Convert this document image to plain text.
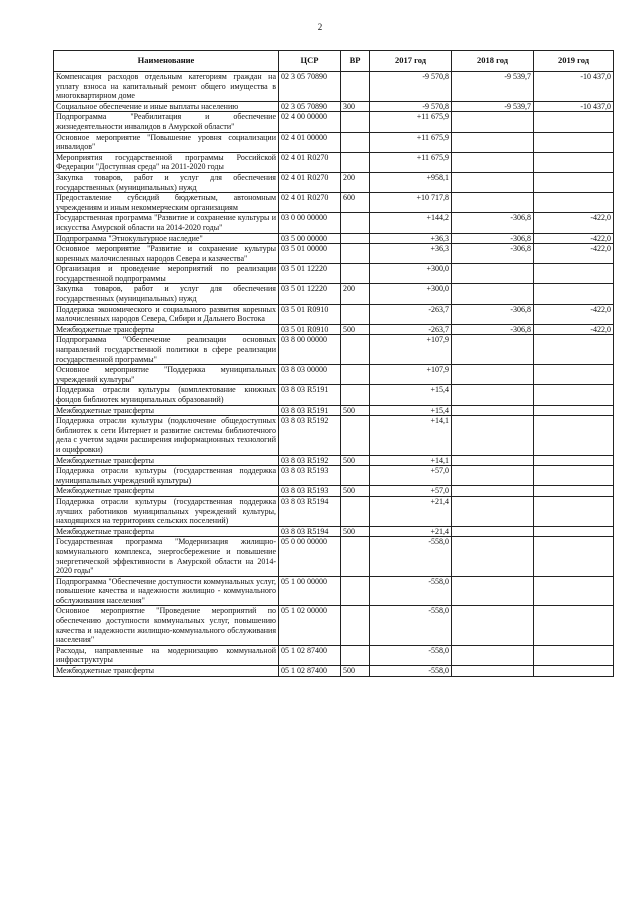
2
Наименование	ЦСР	ВР	2017 год	2018 год	2019 год
Компенсация расходов отдельным категориям граждан на уплату взноса на капитальный ремонт общего имущества в многоквартирном доме	02 3 05 70890		-9 570,8	-9 539,7	-10 437,0
Социальное обеспечение и иные выплаты населению	02 3 05 70890	300	-9 570,8	-9 539,7	-10 437,0
Подпрограмма "Реабилитация и обеспечение жизнедеятельности инвалидов в Амурской области"	02 4 00 00000		+11 675,9		
Основное мероприятие "Повышение уровня социализации инвалидов"	02 4 01 00000		+11 675,9		
Мероприятия государственной программы Российской Федерации "Доступная среда" на 2011-2020 годы	02 4 01 R0270		+11 675,9		
Закупка товаров, работ и услуг для обеспечения государственных (муниципальных) нужд	02 4 01 R0270	200	+958,1		
Предоставление субсидий бюджетным, автономным учреждениям и иным некоммерческим организациям	02 4 01 R0270	600	+10 717,8		
Государственная программа "Развитие и сохранение культуры и искусства Амурской области на 2014-2020 годы"	03 0 00 00000		+144,2	-306,8	-422,0
Подпрограмма "Этнокультурное наследие"	03 5 00 00000		+36,3	-306,8	-422,0
Основное мероприятие "Развитие и сохранение культуры коренных малочисленных народов Севера и казачества"	03 5 01 00000		+36,3	-306,8	-422,0
Организация и проведение мероприятий по реализации государственной подпрограммы	03 5 01 12220		+300,0		
Закупка товаров, работ и услуг для обеспечения государственных (муниципальных) нужд	03 5 01 12220	200	+300,0		
Поддержка экономического и социального развития коренных малочисленных народов Севера, Сибири и Дальнего Востока	03 5 01 R0910		-263,7	-306,8	-422,0
Межбюджетные трансферты	03 5 01 R0910	500	-263,7	-306,8	-422,0
Подпрограмма "Обеспечение реализации основных направлений государственной политики в сфере реализации государственной программы"	03 8 00 00000		+107,9		
Основное мероприятие "Поддержка муниципальных учреждений культуры"	03 8 03 00000		+107,9		
Поддержка отрасли культуры (комплектование книжных фондов библиотек муниципальных образований)	03 8 03 R5191		+15,4		
Межбюджетные трансферты	03 8 03 R5191	500	+15,4		
Поддержка отрасли культуры (подключение общедоступных библиотек к сети Интернет и развитие системы библиотечного дела с учетом задачи расширения информационных технологий и оцифровки)	03 8 03 R5192		+14,1		
Межбюджетные трансферты	03 8 03 R5192	500	+14,1		
Поддержка отрасли культуры (государственная поддержка муниципальных учреждений культуры)	03 8 03 R5193		+57,0		
Межбюджетные трансферты	03 8 03 R5193	500	+57,0		
Поддержка отрасли культуры (государственная поддержка лучших работников муниципальных учреждений культуры, находящихся на территориях сельских поселений)	03 8 03 R5194		+21,4		
Межбюджетные трансферты	03 8 03 R5194	500	+21,4		
Государственная программа "Модернизация жилищно-коммунального комплекса, энергосбережение и повышение энергетической эффективности в Амурской области на 2014-2020 годы"	05 0 00 00000		-558,0		
Подпрограмма "Обеспечение доступности коммунальных услуг, повышение качества и надежности жилищно - коммунального обслуживания населения"	05 1 00 00000		-558,0		
Основное мероприятие "Проведение мероприятий по обеспечению доступности коммунальных услуг, повышению качества и надежности жилищно-коммунального обслуживания населения"	05 1 02 00000		-558,0		
Расходы, направленные на модернизацию коммунальной инфраструктуры	05 1 02 87400		-558,0		
Межбюджетные трансферты	05 1 02 87400	500	-558,0		
